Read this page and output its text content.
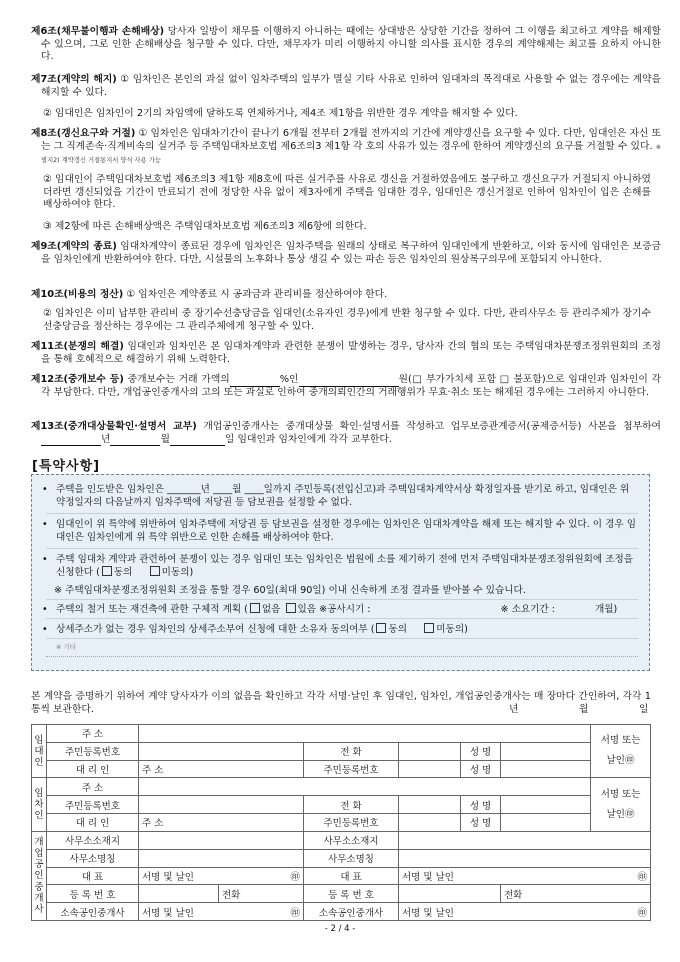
제6조(채무불이행과 손해배상) 당사자 일방이 채무를 이행하지 아니하는 때에는 상대방은 상당한 기간을 정하여 그 이행을 최고하고 계약을 해제할 수 있으며, 그로 인한 손해배상을 청구할 수 있다. 다만, 채무자가 미리 이행하지 아니할 의사를 표시한 경우의 계약해제는 최고를 요하지 아니한다.
제7조(계약의 해지) ① 임차인은 본인의 과실 없이 임차주택의 일부가 멸실 기타 사유로 인하여 임대차의 목적대로 사용할 수 없는 경우에는 계약을 해지할 수 있다.
② 임대인은 임차인이 2기의 차임액에 달하도록 연체하거나, 제4조 제1항을 위반한 경우 계약을 해지할 수 있다.
제8조(갱신요구와 거절) ① 임차인은 임대차기간이 끝나기 6개월 전부터 2개월 전까지의 기간에 계약갱신을 요구할 수 있다. 다만, 임대인은 자신 또는 그 직계존속·직계비속의 실거주 등 주택임대차보호법 제6조의3 제1항 각 호의 사유가 있는 경우에 한하여 계약갱신의 요구를 거절할 수 있다. ※ 별지2) 계약갱신 거절통지서 양식 사용 가능
② 임대인이 주택임대차보호법 제6조의3 제1항 제8호에 따른 실거주를 사유로 갱신을 거절하였음에도 불구하고 갱신요구가 거절되지 아니하였더라면 갱신되었을 기간이 만료되기 전에 정당한 사유 없이 제3자에게 주택을 임대한 경우, 임대인은 갱신거절로 인하여 임차인이 입은 손해를 배상하여야 한다.
③ 제2항에 따른 손해배상액은 주택임대차보호법 제6조의3 제6항에 의한다.
제9조(계약의 종료) 임대차계약이 종료된 경우에 임차인은 임차주택을 원래의 상태로 복구하여 임대인에게 반환하고, 이와 동시에 임대인은 보증금을 임차인에게 반환하여야 한다. 다만, 시설물의 노후화나 통상 생길 수 있는 파손 등은 임차인의 원상복구의무에 포함되지 아니한다.
제10조(비용의 정산) ① 임차인은 계약종료 시 공과금과 관리비를 정산하여야 한다.
② 임차인은 이미 납부한 관리비 중 장기수선충당금을 임대인(소유자인 경우)에게 반환 청구할 수 있다. 다만, 관리사무소 등 관리주체가 장기수선충당금을 정산하는 경우에는 그 관리주체에게 청구할 수 있다.
제11조(분쟁의 해결) 임대인과 임차인은 본 임대차계약과 관련한 분쟁이 발생하는 경우, 당사자 간의 협의 또는 주택임대차분쟁조정위원회의 조정을 통해 호혜적으로 해결하기 위해 노력한다.
제12조(중개보수 등) 중개보수는 거래 가액의	%인	원(□ 부가가치세 포함 □ 불포함)으로 임대인과 임차인이 각각 부담한다. 다만, 개업공인중개사의 고의 또는 과실로 인하여 중개의뢰인간의 거래행위가 무효·취소 또는 해제된 경우에는 그러하지 아니한다.
제13조(중개대상물확인·설명서 교부) 개업공인중개사는 중개대상물 확인·설명서를 작성하고 업무보증관계증서(공제증서등) 사본을 첨부하여 년	월	일 임대인과 임차인에게 각각 교부한다.
[특약사항]
• 주택을 인도받은 임차인은 _______년 ____월 ____일까지 주민등록(전입신고)과 주택임대차계약서상 확정일자를 받기로 하고, 임대인은 위 약정일자의 다음날까지 임차주택에 저당권 등 담보권을 설정할 수 없다.
• 임대인이 위 특약에 위반하여 임차주택에 저당권 등 담보권을 설정한 경우에는 임차인은 임대차계약을 해제 또는 해지할 수 있다. 이 경우 임대인은 임차인에게 위 특약 위반으로 인한 손해를 배상하여야 한다.
• 주택 임대차 계약과 관련하여 분쟁이 있는 경우 임대인 또는 임차인은 법원에 소를 제기하기 전에 먼저 주택임대차분쟁조정위원회에 조정을 신청한다 ( 동의	미동의)
※ 주택임대차분쟁조정위원회 조정을 통할 경우 60일(최대 90일) 이내 신속하게 조정 결과를 받아볼 수 있습니다.
• 주택의 철거 또는 재건축에 관한 구체적 계획 ( 없음 있음 ※공사시기 :	※ 소요기간 :	개월)
• 상세주소가 없는 경우 임차인의 상세주소부여 신청에 대한 소유자 동의여부 ( 동의	미동의)
※ 기타
본 계약을 증명하기 위하여 계약 당사자가 이의 없음을 확인하고 각각 서명·날인 후 임대인, 임차인, 개업공인중개사는 매 장마다 간인하여, 각각 1통씩 보관한다.	년	월	일
임대인	주 소							서명 또는
날인㊞
	주민등록번호			전 화		성 명		
	대 리 인	주 소		주민등록번호		성 명		
임차인	주 소							서명 또는
날인㊞
	주민등록번호			전 화		성 명		
	대 리 인	주 소		주민등록번호		성 명		
개업공인중개사	사무소소재지			사무소소재지				
	사무소명칭			사무소명칭				
	대 표	서명 및 날인 ㊞		대 표	서명 및 날인 ㊞			

	등 록 번 호		전화	등 록 번 호			전화	
	소속공인중개사	서명 및 날인 ㊞		소속공인중개사	서명 및 날인 ㊞			
- 2 / 4 -
